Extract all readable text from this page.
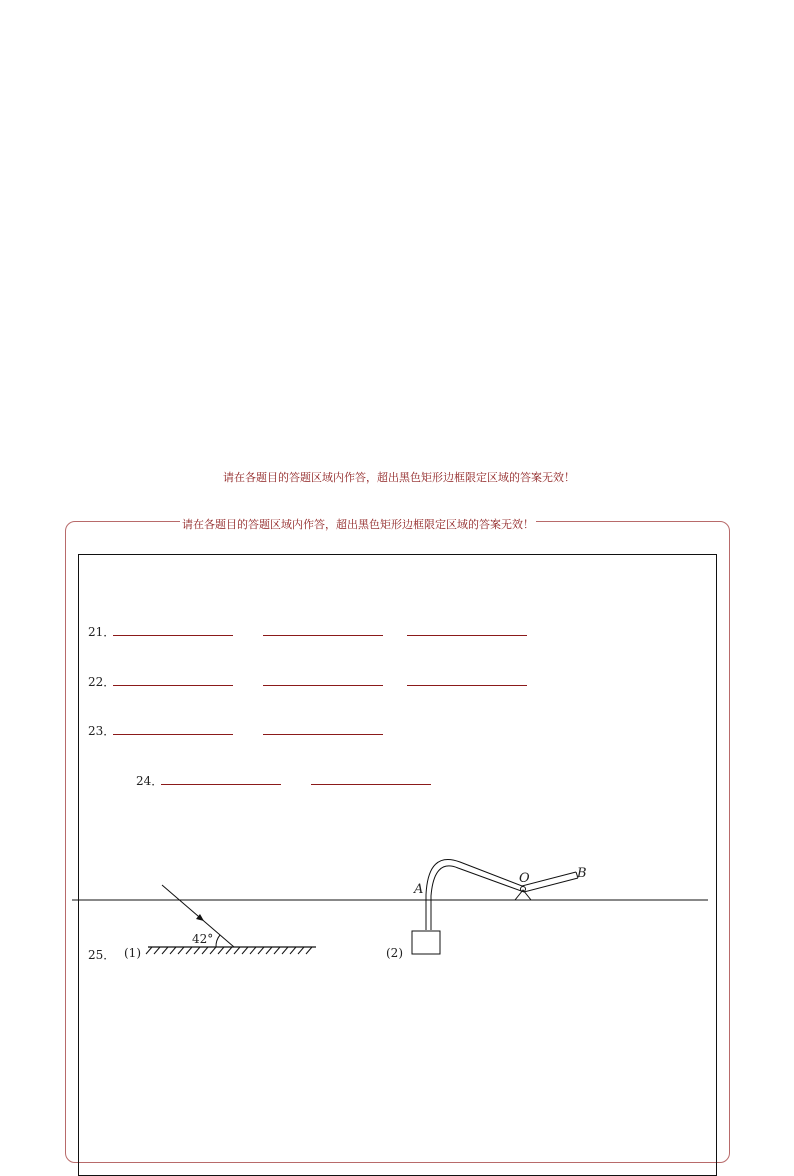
请在各题目的答题区域内作答，超出黑色矩形边框限定区域的答案无效！
请在各题目的答题区域内作答，超出黑色矩形边框限定区域的答案无效！
21．
22．
23．
24．
25． (1)
42°
(2)
A
O	B
